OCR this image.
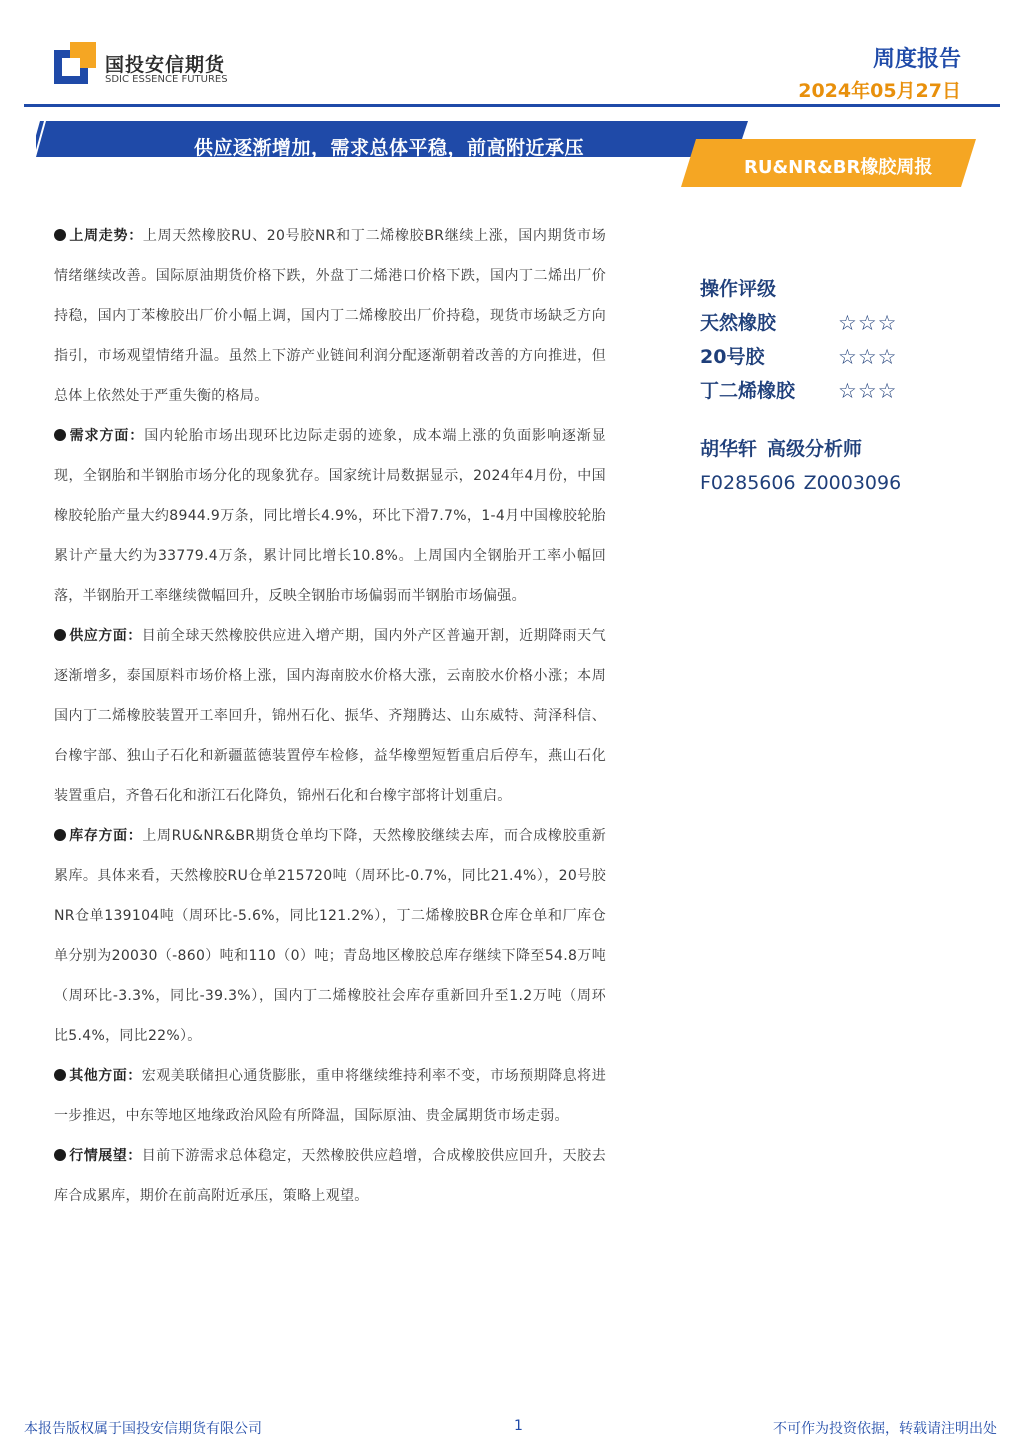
国投安信期货
SDIC ESSENCE FUTURES
周度报告
2024年05月27日
供应逐渐增加，需求总体平稳，前高附近承压
RU&NR&BR橡胶周报

上周走势：上周天然橡胶RU、20号胶NR和丁二烯橡胶BR继续上涨，国内期货市场情绪继续改善。国际原油期货价格下跌，外盘丁二烯港口价格下跌，国内丁二烯出厂价持稳，国内丁苯橡胶出厂价小幅上调，国内丁二烯橡胶出厂价持稳，现货市场缺乏方向指引，市场观望情绪升温。虽然上下游产业链间利润分配逐渐朝着改善的方向推进，但总体上依然处于严重失衡的格局。

需求方面：国内轮胎市场出现环比边际走弱的迹象，成本端上涨的负面影响逐渐显现，全钢胎和半钢胎市场分化的现象犹存。国家统计局数据显示，2024年4月份，中国橡胶轮胎产量大约8944.9万条，同比增长4.9%，环比下滑7.7%，1-4月中国橡胶轮胎累计产量大约为33779.4万条，累计同比增长10.8%。上周国内全钢胎开工率小幅回落，半钢胎开工率继续微幅回升，反映全钢胎市场偏弱而半钢胎市场偏强。

供应方面：目前全球天然橡胶供应进入增产期，国内外产区普遍开割，近期降雨天气逐渐增多，泰国原料市场价格上涨，国内海南胶水价格大涨，云南胶水价格小涨；本周国内丁二烯橡胶装置开工率回升，锦州石化、振华、齐翔腾达、山东威特、菏泽科信、台橡宇部、独山子石化和新疆蓝德装置停车检修，益华橡塑短暂重启后停车，燕山石化装置重启，齐鲁石化和浙江石化降负，锦州石化和台橡宇部将计划重启。

库存方面：上周RU&NR&BR期货仓单均下降，天然橡胶继续去库，而合成橡胶重新累库。具体来看，天然橡胶RU仓单215720吨（周环比-0.7%，同比21.4%），20号胶NR仓单139104吨（周环比-5.6%，同比121.2%），丁二烯橡胶BR仓库仓单和厂库仓单分别为20030（-860）吨和110（0）吨；青岛地区橡胶总库存继续下降至54.8万吨（周环比-3.3%，同比-39.3%），国内丁二烯橡胶社会库存重新回升至1.2万吨（周环比5.4%，同比22%）。

其他方面：宏观美联储担心通货膨胀，重申将继续维持利率不变，市场预期降息将进一步推迟，中东等地区地缘政治风险有所降温，国际原油、贵金属期货市场走弱。

行情展望：目前下游需求总体稳定，天然橡胶供应趋增，合成橡胶供应回升，天胶去库合成累库，期价在前高附近承压，策略上观望。

操作评级
天然橡胶	☆☆☆
20号胶	☆☆☆
丁二烯橡胶 ☆☆☆
胡华轩 高级分析师
F0285606 Z0003096
本报告版权属于国投安信期货有限公司	1	不可作为投资依据，转载请注明出处
